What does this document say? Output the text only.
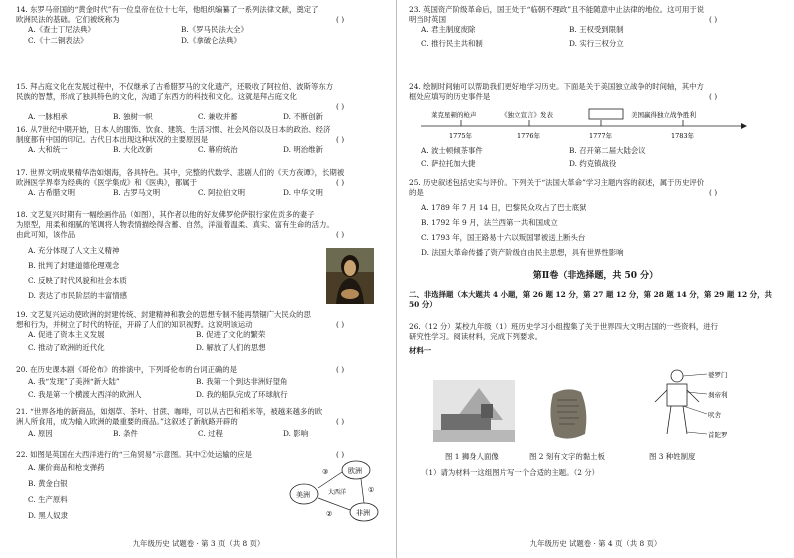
14. 东罗马帝国的“黄金时代”有一位皇帝在位十七年，他组织编纂了一系列法律文献，奠定了
欧洲民法的基础。它们被统称为	( )
A.《查士丁尼法典》	B.《罗马民法大全》
C.《十二铜表法》	D.《拿破仑法典》
15. 拜占庭文化在发展过程中，不仅继承了古希腊罗马的文化遗产，还吸收了阿拉伯、波斯等东方
民族的智慧，形成了独具特色的文化，沟通了东西方的科技和文化。这就是拜占庭文化
( )
A. 一脉相承	B. 独树一帜	C. 兼收并蓄	D. 不断创新
16. 从7世纪中期开始，日本人的服饰、饮食、建筑、生活习惯、社会风俗以及日本的政治、经济
制度都有中国的印记。古代日本出现这种状况的主要原因是	( )
A. 大和统一	B. 大化改新	C. 幕府统治	D. 明治维新
17. 世界文明成果精华浩如烟海，各具特色。其中，完整的代数学、悲剧人们的《天方夜谭》，长期被
欧洲医学界奉为经典的《医学集成》和《医典》，都属于	( )
A. 古希腊文明	B. 古罗马文明	C. 阿拉伯文明	D. 中华文明
18. 文艺复兴时期有一幅绘画作品（如图），其作者以他的好友佛罗伦萨银行家佐贡多的妻子
为原型，用柔和细腻的笔调将人物表情描绘得含蓄、自然，洋溢着温柔、真实、富有生命的活力。
由此可知，该作品	( )
A. 充分体现了人文主义精神
B. 批判了封建道德伦理观念
C. 反映了时代风貌和社会本质
D. 表达了市民阶层的丰富情感
19. 文艺复兴运动使欧洲的封建传统、封建精神和教会的思想专制不能再禁锢广大民众的思
想和行为，并树立了时代的特征，开辟了人们的知识视野。这说明该运动	( )
A. 促进了资本主义发展	B. 促进了文化的繁荣
C. 推动了欧洲的近代化	D. 解放了人们的思想
20. 在历史课本剧《哥伦布》的排演中，下列哥伦布的台词正确的是	( )
A. 我“发现”了美洲“新大陆”	B. 我第一个到达非洲好望角
C. 我是第一个横渡大西洋的欧洲人	D. 我的船队完成了环球航行
21. “世界各地的新商品，如烟草、茶叶、甘蔗、咖啡，可以从古巴和稻米等，被越来越多的欧
洲人所食用，成为输入欧洲的最重要的商品。”这叙述了新航路开辟的	( )
A. 原因	B. 条件	C. 过程	D. 影响
22. 如图是英国在大西洋进行的“三角贸易”示意图。其中②处运输的应是	( )
A. 廉价商品和枪支弹药
B. 黄金白银
C. 生产原料
D. 黑人奴隶
美洲
欧洲
非洲
大西洋
③
①
②
九年级历史 试题卷 · 第 3 页（共 8 页）
23. 英国资产阶级革命后，国王处于“临朝不理政”且不能随意中止法律的地位。这可用于说
明当时英国	( )
A. 君主制度废除	B. 王权受到限制
C. 推行民主共和制	D. 实行三权分立
24. 绘制时间轴可以帮助我们更好地学习历史。下面是关于美国独立战争的时间轴，其中方
框处应填写的历史事件是	( )
莱克星顿的枪声	《独立宣言》发表	美国赢得独立战争胜利
1775年	1776年	1777年	1783年
A. 波士顿倾茶事件	B. 召开第二届大陆会议
C. 萨拉托加大捷	D. 约克镇战役
25. 历史叙述包括史实与评价。下列关于“法国大革命”学习主题内容的叙述，属于历史评价
的是	( )
A. 1789 年 7 月 14 日，巴黎民众攻占了巴士底狱
B. 1792 年 9 月，法兰西第一共和国成立
C. 1793 年，国王路易十六以叛国罪被送上断头台
D. 法国大革命传播了资产阶级自由民主思想，具有世界性影响
第Ⅱ卷（非选择题，共 50 分）
二、非选择题（本大题共 4 小题，第 26 题 12 分，第 27 题 12 分，第 28 题 14 分，第 29 题 12 分，共
50 分）
26.（12 分）某校九年级（1）班历史学习小组搜集了关于世界四大文明古国的一些资料，进行
研究性学习。阅读材料，完成下列要求。
材料一
图 1 狮身人面像	图 2 刻有文字的黏土板
婆罗门
刹帝利
吠舍
首陀罗
图 3 种姓制度
（1）请为材料一这组图片写一个合适的主题。（2 分）
九年级历史 试题卷 · 第 4 页（共 8 页）
